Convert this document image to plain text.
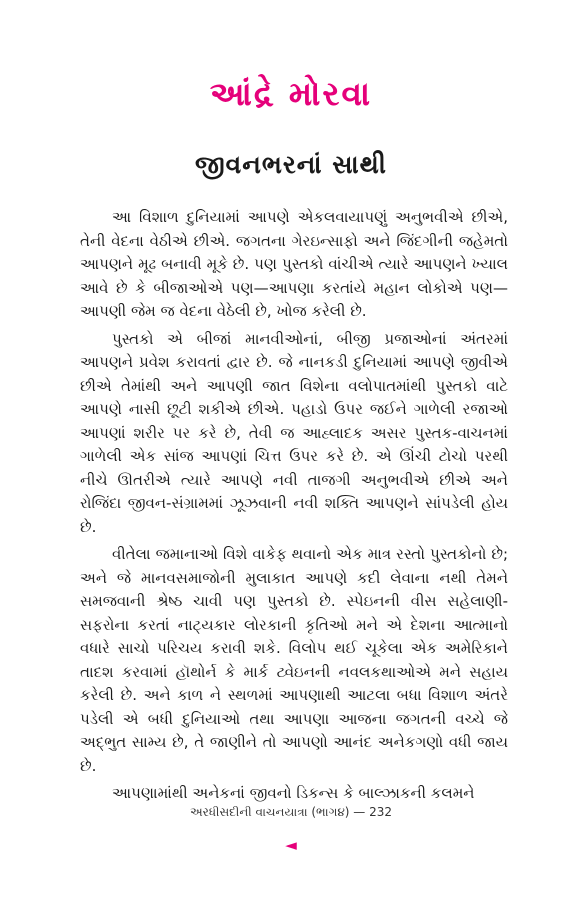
આંદ્રે મોરવા
જીવનભરનાં સાથી

આ વિશાળ દુનિયામાં આપણે એકલવાયાપણું અનુભવીએ છીએ, તેની વેદના વેઠીએ છીએ. જગતના ગેરઇન્સાફો અને જિંદગીની જહેમતો આપણને મૂઢ બનાવી મૂકે છે. પણ પુસ્તકો વાંચીએ ત્યારે આપણને ખ્યાલ આવે છે કે બીજાઓએ પણ—આપણા કરતાંયે મહાન લોકોએ પણ—આપણી જેમ જ વેદના વેઠેલી છે, ખોજ કરેલી છે.

પુસ્તકો એ બીજાં માનવીઓનાં, બીજી પ્રજાઓનાં અંતરમાં આપણને પ્રવેશ કરાવતાં દ્વાર છે. જે નાનકડી દુનિયામાં આપણે જીવીએ છીએ તેમાંથી અને આપણી જાત વિશેના વલોપાતમાંથી પુસ્તકો વાટે આપણે નાસી છૂટી શકીએ છીએ. પહાડો ઉપર જઈને ગાળેલી રજાઓ આપણાં શરીર પર કરે છે, તેવી જ આહ્લાદક અસર પુસ્તક-વાચનમાં ગાળેલી એક સાંજ આપણાં ચિત્ત ઉપર કરે છે. એ ઊંચી ટોચો પરથી નીચે ઊતરીએ ત્યારે આપણે નવી તાજગી અનુભવીએ છીએ અને રોજિંદા જીવન-સંગ્રામમાં ઝૂઝવાની નવી શક્તિ આપણને સાંપડેલી હોય છે.

વીતેલા જમાનાઓ વિશે વાકેફ થવાનો એક માત્ર રસ્તો પુસ્તકોનો છે; અને જે માનવસમાજોની મુલાકાત આપણે કદી લેવાના નથી તેમને સમજવાની શ્રેષ્ઠ ચાવી પણ પુસ્તકો છે. સ્પેઇનની વીસ સહેલાણી-સફરોના કરતાં નાટ્યકાર લોરકાની કૃતિઓ મને એ દેશના આત્માનો વધારે સાચો પરિચય કરાવી શકે. વિલોપ થઈ ચૂકેલા એક અમેરિકાને તાદશ કરવામાં હૉથોર્ન કે માર્ક ટ્વેઇનની નવલકથાઓએ મને સહાય કરેલી છે. અને કાળ ને સ્થળમાં આપણાથી આટલા બધા વિશાળ અંતરે પડેલી એ બધી દુનિયાઓ તથા આપણા આજના જગતની વચ્ચે જે અદ્ભુત સામ્ય છે, તે જાણીને તો આપણો આનંદ અનેકગણો વધી જાય છે.

આપણામાંથી અનેકનાં જીવનો ડિકન્સ કે બાલ્ઝાકની કલમને

અરધીસદીની વાચનયાત્રા (ભાગ૪) — 232
◄
